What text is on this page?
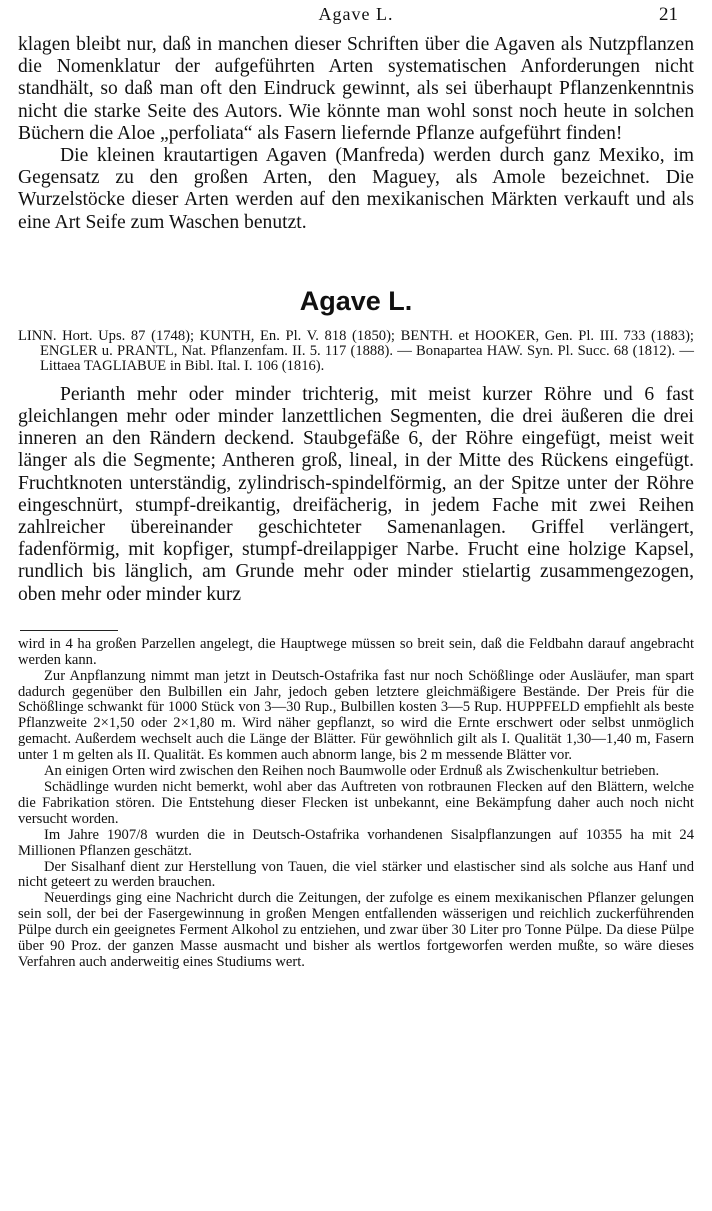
Agave L.	21

klagen bleibt nur, daß in manchen dieser Schriften über die Agaven als Nutzpflanzen die Nomenklatur der aufgeführten Arten systematischen Anforderungen nicht standhält, so daß man oft den Eindruck gewinnt, als sei überhaupt Pflanzenkenntnis nicht die starke Seite des Autors. Wie könnte man wohl sonst noch heute in solchen Büchern die Aloe „perfoliata“ als Fasern liefernde Pflanze aufgeführt finden!

Die kleinen krautartigen Agaven (Manfreda) werden durch ganz Mexiko, im Gegensatz zu den großen Arten, den Maguey, als Amole bezeichnet. Die Wurzelstöcke dieser Arten werden auf den mexikanischen Märkten verkauft und als eine Art Seife zum Waschen benutzt.

Agave L.

LINN. Hort. Ups. 87 (1748); KUNTH, En. Pl. V. 818 (1850); BENTH. et HOOKER, Gen. Pl. III. 733 (1883); ENGLER u. PRANTL, Nat. Pflanzenfam. II. 5. 117 (1888). — Bonapartea HAW. Syn. Pl. Succ. 68 (1812). — Littaea TAGLIABUE in Bibl. Ital. I. 106 (1816).

Perianth mehr oder minder trichterig, mit meist kurzer Röhre und 6 fast gleichlangen mehr oder minder lanzettlichen Segmenten, die drei äußeren die drei inneren an den Rändern deckend. Staubgefäße 6, der Röhre eingefügt, meist weit länger als die Segmente; Antheren groß, lineal, in der Mitte des Rückens eingefügt. Fruchtknoten unterständig, zylindrisch-spindelförmig, an der Spitze unter der Röhre eingeschnürt, stumpf-dreikantig, dreifächerig, in jedem Fache mit zwei Reihen zahlreicher übereinander geschichteter Samenanlagen. Griffel verlängert, fadenförmig, mit kopfiger, stumpf-dreilappiger Narbe. Frucht eine holzige Kapsel, rundlich bis länglich, am Grunde mehr oder minder stielartig zusammengezogen, oben mehr oder minder kurz

wird in 4 ha großen Parzellen angelegt, die Hauptwege müssen so breit sein, daß die Feldbahn darauf angebracht werden kann.

Zur Anpflanzung nimmt man jetzt in Deutsch-Ostafrika fast nur noch Schößlinge oder Ausläufer, man spart dadurch gegenüber den Bulbillen ein Jahr, jedoch geben letztere gleichmäßigere Bestände. Der Preis für die Schößlinge schwankt für 1000 Stück von 3—30 Rup., Bulbillen kosten 3—5 Rup. HUPPFELD empfiehlt als beste Pflanzweite 2×1,50 oder 2×1,80 m. Wird näher gepflanzt, so wird die Ernte erschwert oder selbst unmöglich gemacht. Außerdem wechselt auch die Länge der Blätter. Für gewöhnlich gilt als I. Qualität 1,30—1,40 m, Fasern unter 1 m gelten als II. Qualität. Es kommen auch abnorm lange, bis 2 m messende Blätter vor.

An einigen Orten wird zwischen den Reihen noch Baumwolle oder Erdnuß als Zwischenkultur betrieben.

Schädlinge wurden nicht bemerkt, wohl aber das Auftreten von rotbraunen Flecken auf den Blättern, welche die Fabrikation stören. Die Entstehung dieser Flecken ist unbekannt, eine Bekämpfung daher auch noch nicht versucht worden.

Im Jahre 1907/8 wurden die in Deutsch-Ostafrika vorhandenen Sisalpflanzungen auf 10355 ha mit 24 Millionen Pflanzen geschätzt.

Der Sisalhanf dient zur Herstellung von Tauen, die viel stärker und elastischer sind als solche aus Hanf und nicht geteert zu werden brauchen.

Neuerdings ging eine Nachricht durch die Zeitungen, der zufolge es einem mexikanischen Pflanzer gelungen sein soll, der bei der Fasergewinnung in großen Mengen entfallenden wässerigen und reichlich zuckerführenden Pülpe durch ein geeignetes Ferment Alkohol zu entziehen, und zwar über 30 Liter pro Tonne Pülpe. Da diese Pülpe über 90 Proz. der ganzen Masse ausmacht und bisher als wertlos fortgeworfen werden mußte, so wäre dieses Verfahren auch anderweitig eines Studiums wert.
